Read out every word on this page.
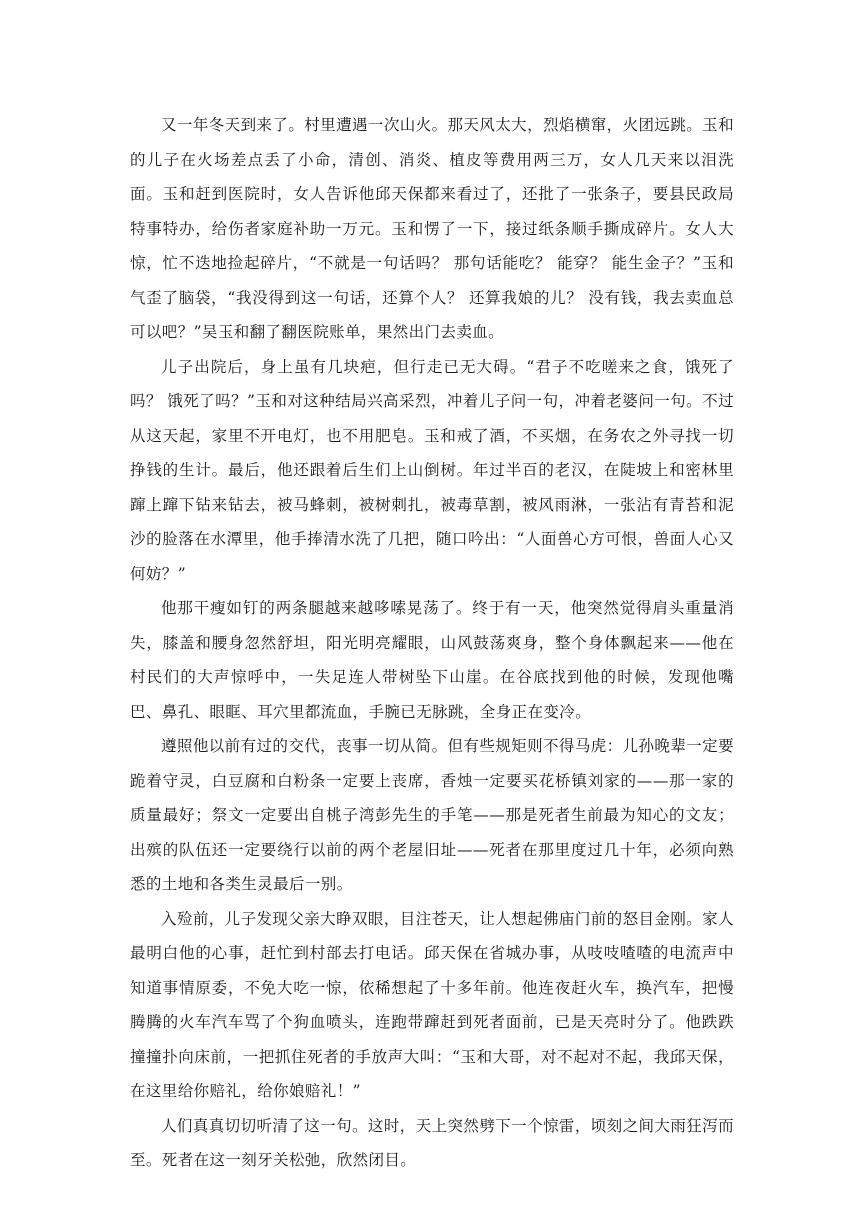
又一年冬天到来了。村里遭遇一次山火。那天风太大，烈焰横窜，火团远跳。玉和的儿子在火场差点丢了小命，清创、消炎、植皮等费用两三万，女人几天来以泪洗面。玉和赶到医院时，女人告诉他邱天保都来看过了，还批了一张条子，要县民政局特事特办，给伤者家庭补助一万元。玉和愣了一下，接过纸条顺手撕成碎片。女人大惊，忙不迭地捡起碎片，“不就是一句话吗？ 那句话能吃？ 能穿？ 能生金子？”玉和气歪了脑袋，“我没得到这一句话，还算个人？ 还算我娘的儿？ 没有钱，我去卖血总可以吧？”吴玉和翻了翻医院账单，果然出门去卖血。

儿子出院后，身上虽有几块疤，但行走已无大碍。“君子不吃嗟来之食，饿死了吗？ 饿死了吗？”玉和对这种结局兴高采烈，冲着儿子问一句，冲着老婆问一句。不过从这天起，家里不开电灯，也不用肥皂。玉和戒了酒，不买烟，在务农之外寻找一切挣钱的生计。最后，他还跟着后生们上山倒树。年过半百的老汉，在陡坡上和密林里蹿上蹿下钻来钻去，被马蜂刺，被树刺扎，被毒草割，被风雨淋，一张沾有青苔和泥沙的脸落在水潭里，他手捧清水洗了几把，随口吟出：“人面兽心方可恨，兽面人心又何妨？”

他那干瘦如钉的两条腿越来越哆嗦晃荡了。终于有一天，他突然觉得肩头重量消失，膝盖和腰身忽然舒坦，阳光明亮耀眼，山风鼓荡爽身，整个身体飘起来——他在村民们的大声惊呼中，一失足连人带树坠下山崖。在谷底找到他的时候，发现他嘴巴、鼻孔、眼眶、耳穴里都流血，手腕已无脉跳，全身正在变冷。

遵照他以前有过的交代，丧事一切从简。但有些规矩则不得马虎：儿孙晚辈一定要跪着守灵，白豆腐和白粉条一定要上丧席，香烛一定要买花桥镇刘家的——那一家的质量最好；祭文一定要出自桃子湾彭先生的手笔——那是死者生前最为知心的文友；出殡的队伍还一定要绕行以前的两个老屋旧址——死者在那里度过几十年，必须向熟悉的土地和各类生灵最后一别。

入殓前，儿子发现父亲大睁双眼，目注苍天，让人想起佛庙门前的怒目金刚。家人最明白他的心事，赶忙到村部去打电话。邱天保在省城办事，从吱吱喳喳的电流声中知道事情原委，不免大吃一惊，依稀想起了十多年前。他连夜赶火车，换汽车，把慢腾腾的火车汽车骂了个狗血喷头，连跑带蹿赶到死者面前，已是天亮时分了。他跌跌撞撞扑向床前，一把抓住死者的手放声大叫：“玉和大哥，对不起对不起，我邱天保，在这里给你赔礼，给你娘赔礼！”

人们真真切切听清了这一句。这时，天上突然劈下一个惊雷，顷刻之间大雨狂泻而至。死者在这一刻牙关松弛，欣然闭目。
